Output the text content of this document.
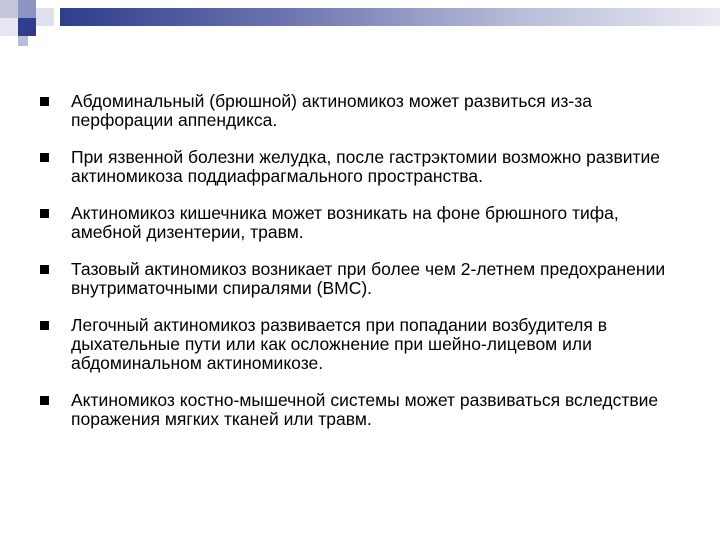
Абдоминальный (брюшной) актиномикоз может развиться из-за перфорации аппендикса.
При язвенной болезни желудка, после гастрэктомии возможно развитие актиномикоза поддиафрагмального пространства.
Актиномикоз кишечника может возникать на фоне брюшного тифа, амебной дизентерии, травм.
Тазовый актиномикоз возникает при более чем 2-летнем предохранении внутриматочными спиралями (ВМС).
Легочный актиномикоз развивается при попадании возбудителя в дыхательные пути или как осложнение при шейно-лицевом или абдоминальном актиномикозе.
Актиномикоз костно-мышечной системы может развиваться вследствие поражения мягких тканей или травм.
